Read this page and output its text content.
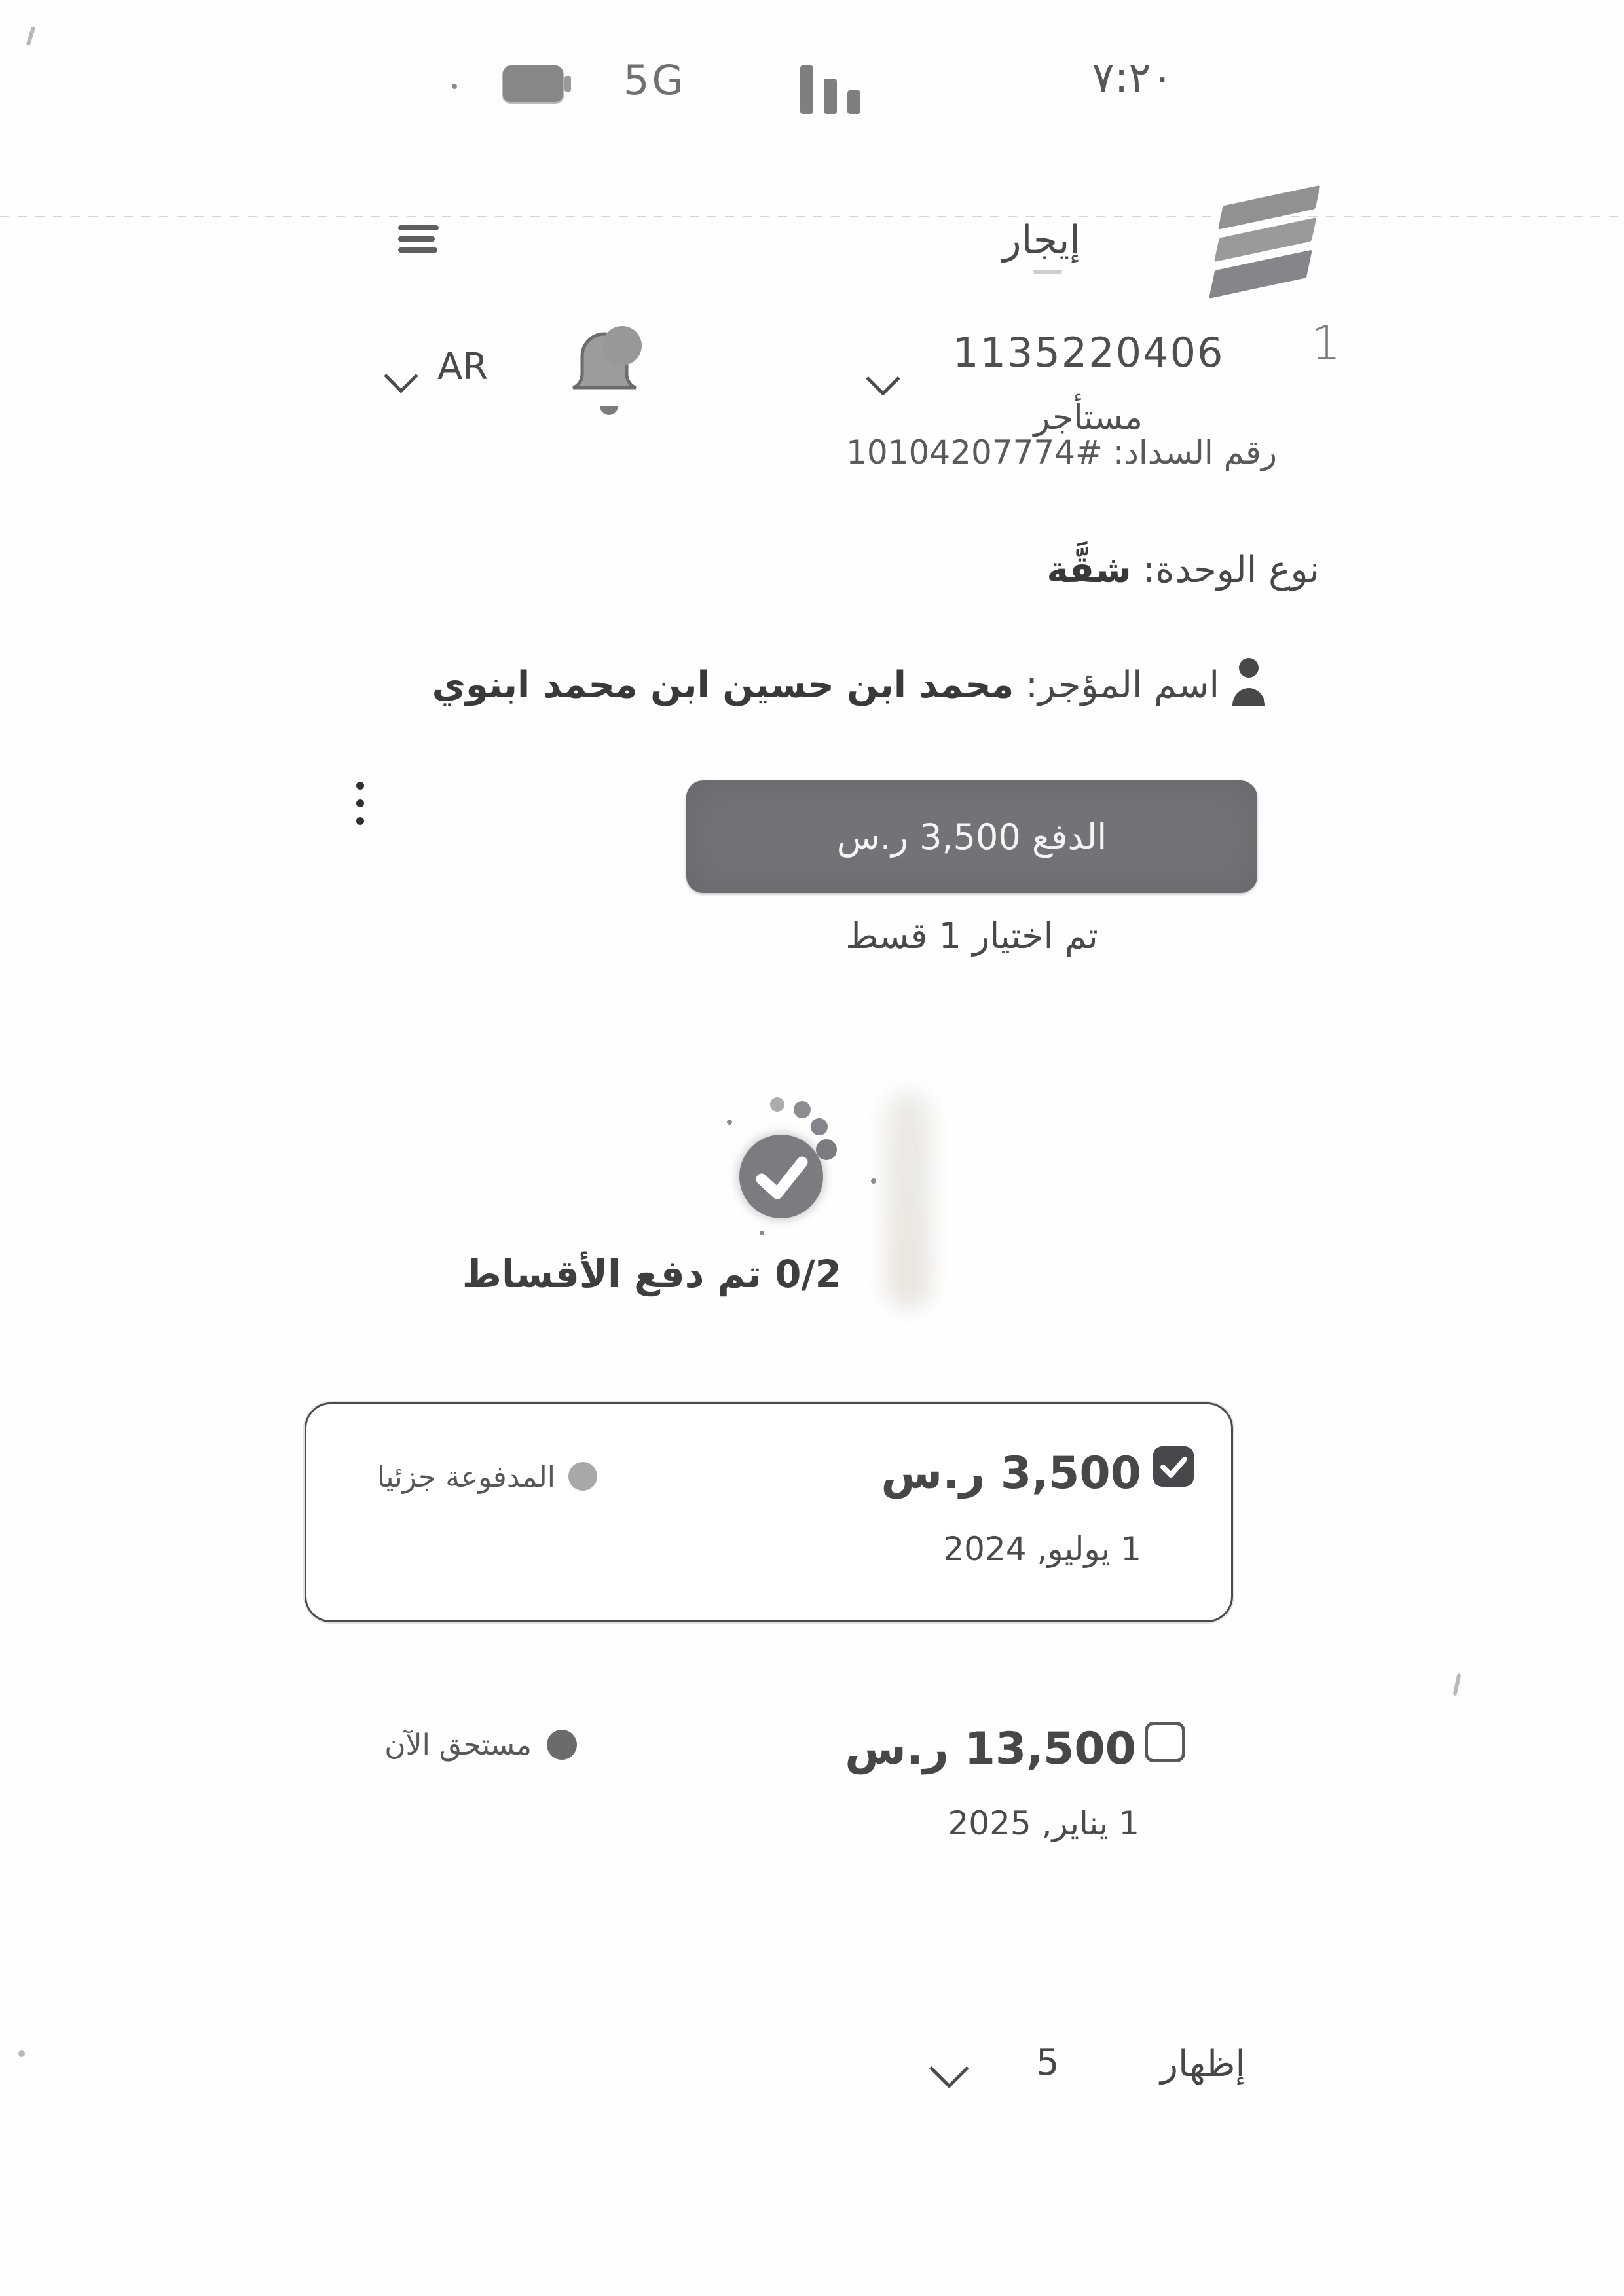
5G	٧:٢٠
إيجار
AR	1135220406 1
مستأجر
رقم السداد: #10104207774
نوع الوحدة: شقَّة
اسم المؤجر: محمد ابن حسين ابن محمد ابنوي
الدفع 3,500 ر.س
تم اختيار 1 قسط
0/2 تم دفع الأقساط
3,500 ر.س
1 يوليو, 2024
المدفوعة جزئيا
13,500 ر.س
1 يناير, 2025
مستحق الآن
إظهار
5
